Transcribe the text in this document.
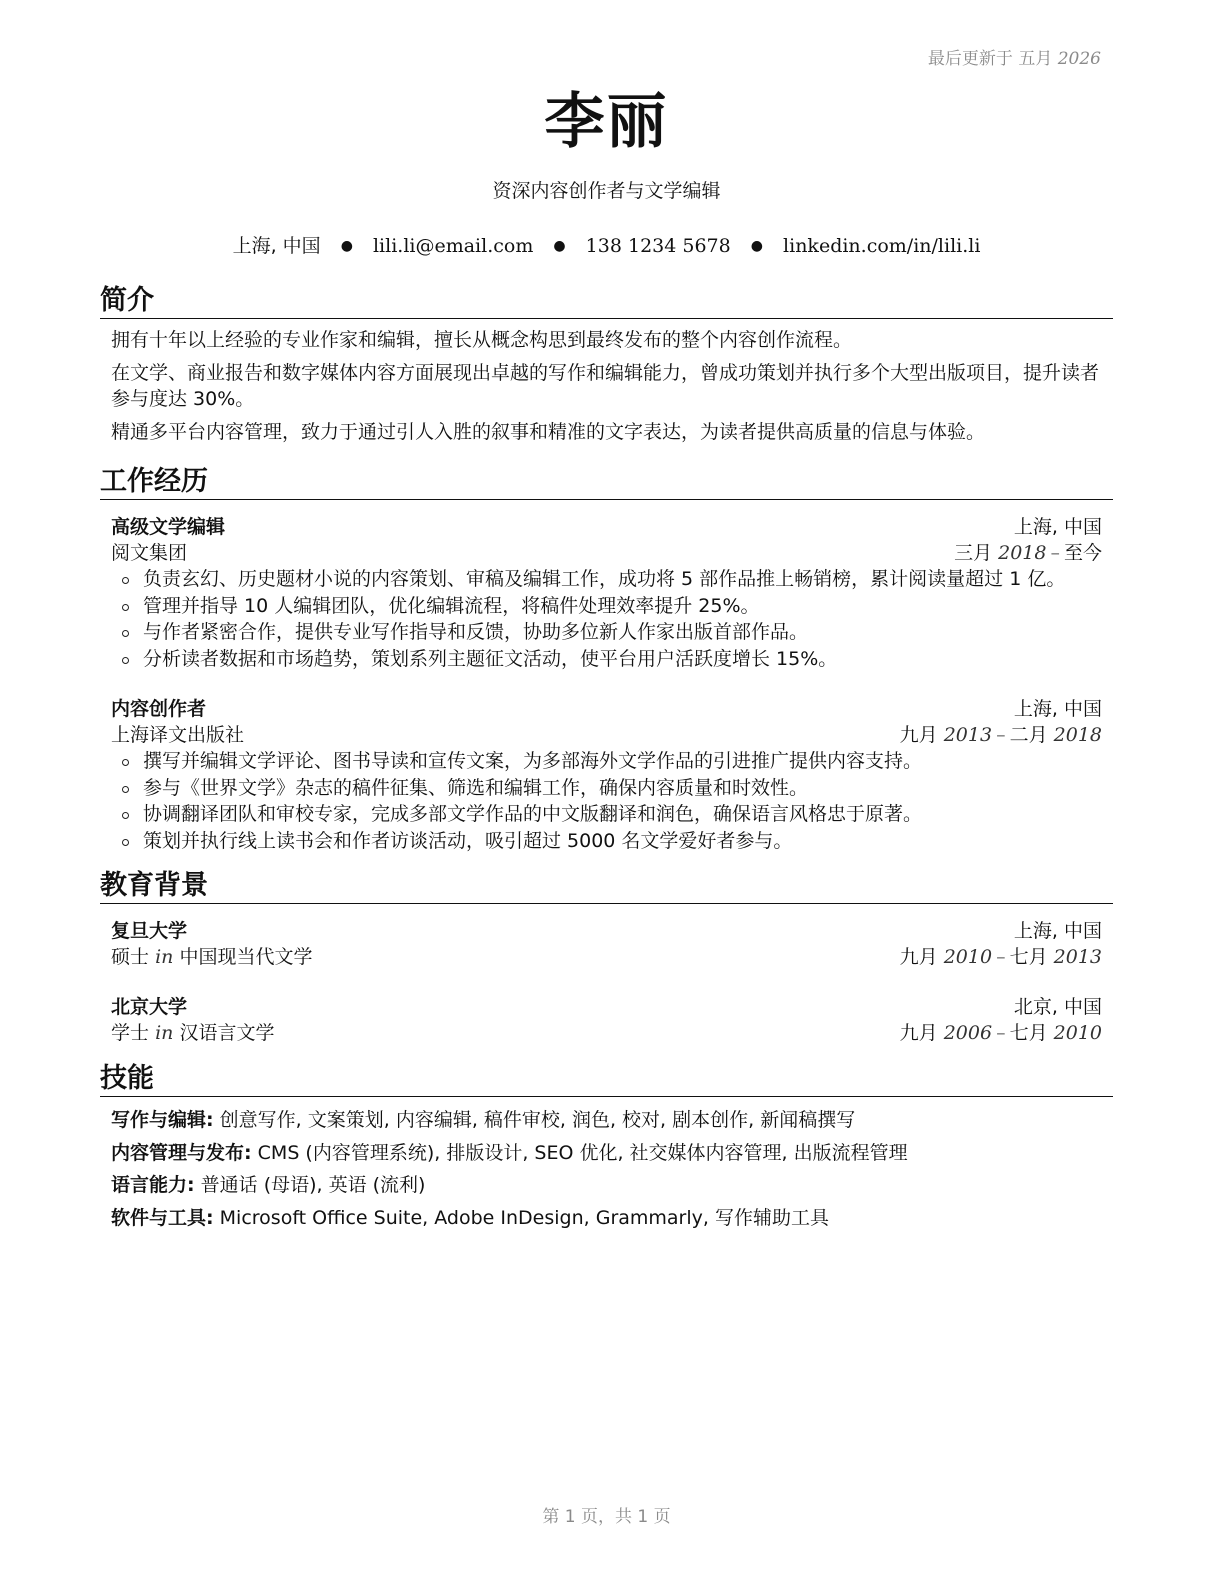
最后更新于 五月 2026
李丽
资深内容创作者与文学编辑
上海, 中国 ● lili.li@email.com ● 138 1234 5678 ● linkedin.com/in/lili.li
简介

拥有十年以上经验的专业作家和编辑，擅长从概念构思到最终发布的整个内容创作流程。

在文学、商业报告和数字媒体内容方面展现出卓越的写作和编辑能力，曾成功策划并执行多个大型出版项目，提升读者参与度达 30%。

精通多平台内容管理，致力于通过引人入胜的叙事和精准的文字表达，为读者提供高质量的信息与体验。

工作经历
高级文学编辑	上海, 中国
阅文集团	三月 2018 – 至今
负责玄幻、历史题材小说的内容策划、审稿及编辑工作，成功将 5 部作品推上畅销榜，累计阅读量超过 1 亿。
管理并指导 10 人编辑团队，优化编辑流程，将稿件处理效率提升 25%。
与作者紧密合作，提供专业写作指导和反馈，协助多位新人作家出版首部作品。
分析读者数据和市场趋势，策划系列主题征文活动，使平台用户活跃度增长 15%。
内容创作者	上海, 中国
上海译文出版社	九月 2013 – 二月 2018
撰写并编辑文学评论、图书导读和宣传文案，为多部海外文学作品的引进推广提供内容支持。
参与《世界文学》杂志的稿件征集、筛选和编辑工作，确保内容质量和时效性。
协调翻译团队和审校专家，完成多部文学作品的中文版翻译和润色，确保语言风格忠于原著。
策划并执行线上读书会和作者访谈活动，吸引超过 5000 名文学爱好者参与。
教育背景
复旦大学	上海, 中国
硕士 in 中国现当代文学	九月 2010 – 七月 2013
北京大学	北京, 中国
学士 in 汉语言文学	九月 2006 – 七月 2010
技能
写作与编辑: 创意写作, 文案策划, 内容编辑, 稿件审校, 润色, 校对, 剧本创作, 新闻稿撰写
内容管理与发布: CMS (内容管理系统), 排版设计, SEO 优化, 社交媒体内容管理, 出版流程管理
语言能力: 普通话 (母语), 英语 (流利)
软件与工具: Microsoft Office Suite, Adobe InDesign, Grammarly, 写作辅助工具
第 1 页，共 1 页
